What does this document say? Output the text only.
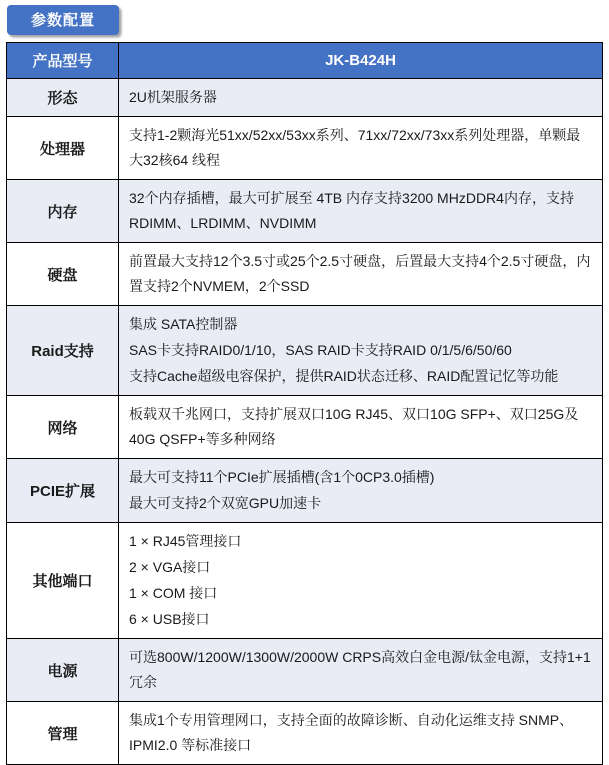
参数配置
产品型号	JK-B424H
形态	2U机架服务器

处理器	支持1-2颗海光51xx/52xx/53xx系列、71xx/72xx/73xx系列处理器，单颗最大32核64 线程

内存	32个内存插槽，最大可扩展至 4TB 内存支持3200 MHzDDR4内存，支持RDIMM、LRDIMM、NVDIMM

硬盘	前置最大支持12个3.5寸或25个2.5寸硬盘，后置最大支持4个2.5寸硬盘，内置支持2个NVMEM，2个SSD

Raid支持	集成 SATA控制器
SAS卡支持RAID0/1/10，SAS RAID卡支持RAID 0/1/5/6/50/60
支持Cache超级电容保护，提供RAID状态迁移、RAID配置记忆等功能

网络	板载双千兆网口，支持扩展双口10G RJ45、双口10G SFP+、双口25G及40G QSFP+等多种网络

PCIE扩展	最大可支持11个PCIe扩展插槽(含1个0CP3.0插槽)
最大可支持2个双宽GPU加速卡

其他端口	1 × RJ45管理接口
2 × VGA接口
1 × COM 接口
6 × USB接口

电源	可选800W/1200W/1300W/2000W CRPS高效白金电源/钛金电源，支持1+1冗余

管理	集成1个专用管理网口，支持全面的故障诊断、自动化运维支持 SNMP、IPMI2.0 等标准接口
